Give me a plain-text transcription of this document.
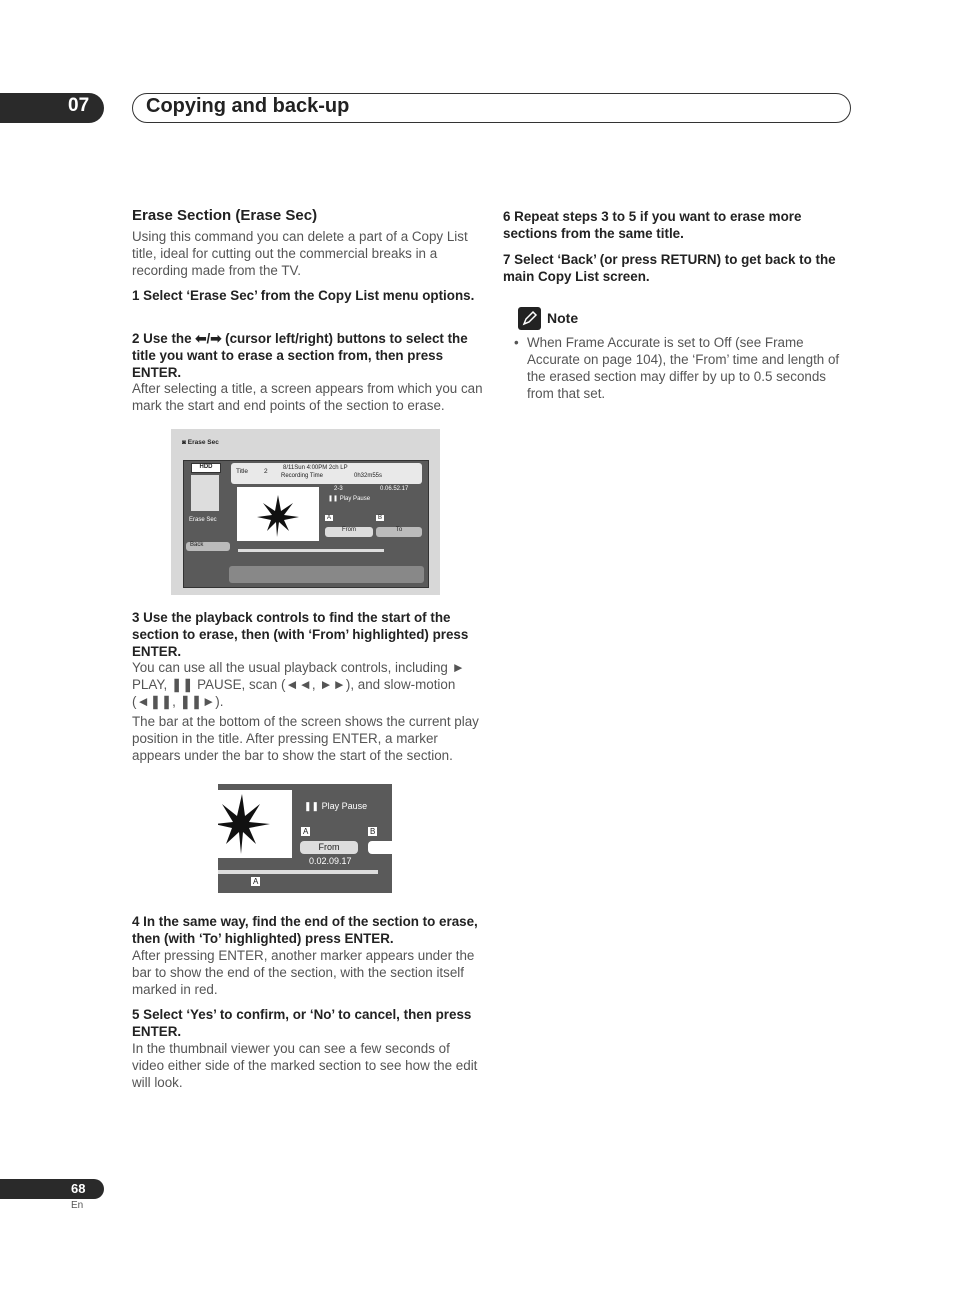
07	Copying and back-up
Erase Section (Erase Sec)
Using this command you can delete a part of a Copy List title, ideal for cutting out the commercial breaks in a recording made from the TV.
1 Select ‘Erase Sec’ from the Copy List menu options.
2 Use the ⬅/➡ (cursor left/right) buttons to select the title you want to erase a section from, then press ENTER.
After selecting a title, a screen appears from which you can mark the start and end points of the section to erase.
◙ Erase Sec
HDD
Title 2	8/11Sun 4:00PM 2ch LP
Recording Time	0h32m55s
2-3	0.06.52.17
❚❚ Play Pause
Erase Sec
Back
A	B
From	To
3 Use the playback controls to find the start of the section to erase, then (with ‘From’ highlighted) press ENTER.
You can use all the usual playback controls, including ► PLAY, ❚❚ PAUSE, scan (◄◄, ►►), and slow-motion (◄❚❚, ❚❚►).
The bar at the bottom of the screen shows the current play position in the title. After pressing ENTER, a marker appears under the bar to show the start of the section.
❚❚ Play Pause
A	B
From
0.02.09.17
A
4 In the same way, find the end of the section to erase, then (with ‘To’ highlighted) press ENTER.
After pressing ENTER, another marker appears under the bar to show the end of the section, with the section itself marked in red.
5 Select ‘Yes’ to confirm, or ‘No’ to cancel, then press ENTER.
In the thumbnail viewer you can see a few seconds of video either side of the marked section to see how the edit will look.
6 Repeat steps 3 to 5 if you want to erase more sections from the same title.
7 Select ‘Back’ (or press RETURN) to get back to the main Copy List screen.
Note
• When Frame Accurate is set to Off (see Frame Accurate on page 104), the ‘From’ time and length of the erased section may differ by up to 0.5 seconds from that set.
68
En
